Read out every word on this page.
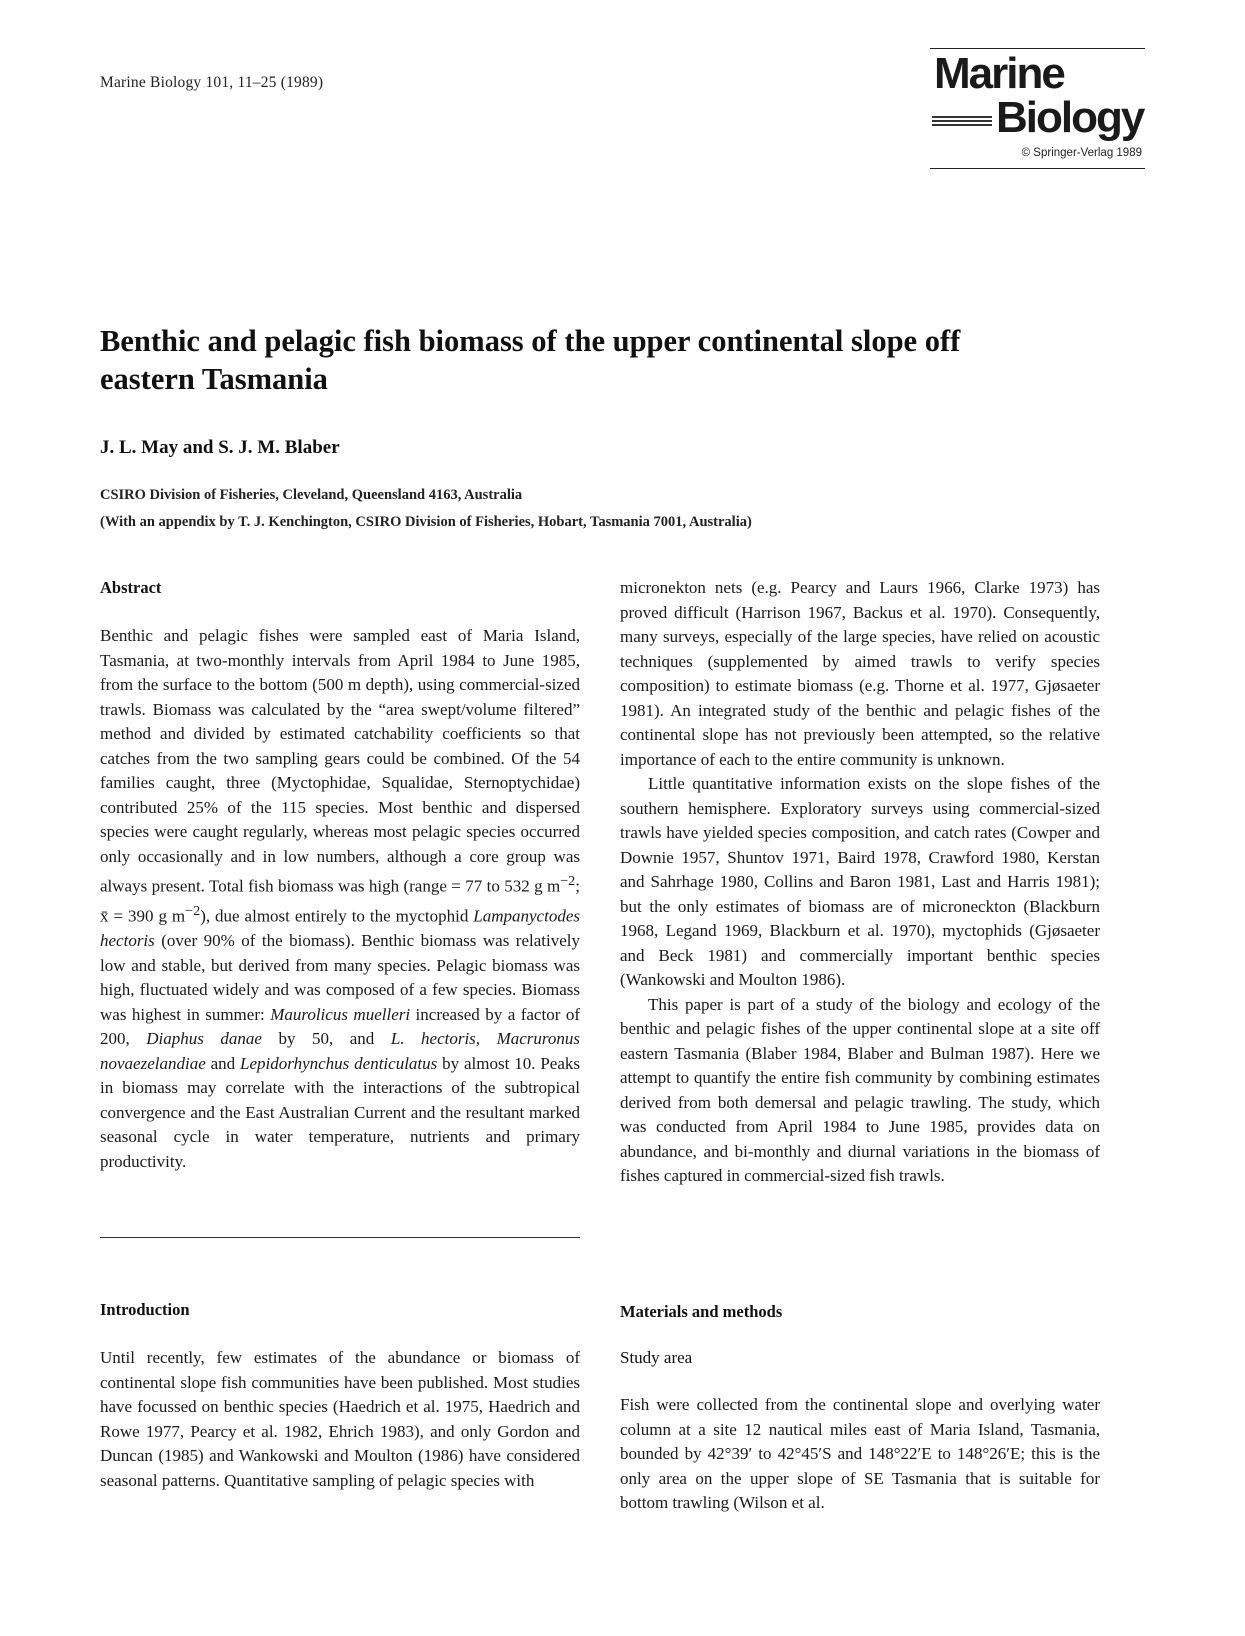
Marine Biology 101, 11–25 (1989)	Marine
Biology
© Springer-Verlag 1989
Benthic and pelagic fish biomass of the upper continental slope off eastern Tasmania
J. L. May and S. J. M. Blaber
CSIRO Division of Fisheries, Cleveland, Queensland 4163, Australia
(With an appendix by T. J. Kenchington, CSIRO Division of Fisheries, Hobart, Tasmania 7001, Australia)
Abstract

Benthic and pelagic fishes were sampled east of Maria Island, Tasmania, at two-monthly intervals from April 1984 to June 1985, from the surface to the bottom (500 m depth), using commercial-sized trawls. Biomass was calculated by the “area swept/volume filtered” method and divided by estimated catchability coefficients so that catches from the two sampling gears could be combined. Of the 54 families caught, three (Myctophidae, Squalidae, Sternoptychidae) contributed 25% of the 115 species. Most benthic and dispersed species were caught regularly, whereas most pelagic species occurred only occasionally and in low numbers, although a core group was always present. Total fish biomass was high (range = 77 to 532 g $m^{-2}$; x̄ = 390 g $m^{-2}$), due almost entirely to the myctophid Lampanyctodes hectoris (over 90% of the biomass). Benthic biomass was relatively low and stable, but derived from many species. Pelagic biomass was high, fluctuated widely and was composed of a few species. Biomass was highest in summer: Maurolicus muelleri increased by a factor of 200, Diaphus danae by 50, and L. hectoris, Macruronus novaezelandiae and Lepidorhynchus denticulatus by almost 10. Peaks in biomass may correlate with the interactions of the subtropical convergence and the East Australian Current and the resultant marked seasonal cycle in water temperature, nutrients and primary productivity.

Introduction

Until recently, few estimates of the abundance or biomass of continental slope fish communities have been published. Most studies have focussed on benthic species (Haedrich et al. 1975, Haedrich and Rowe 1977, Pearcy et al. 1982, Ehrich 1983), and only Gordon and Duncan (1985) and Wankowski and Moulton (1986) have considered seasonal patterns. Quantitative sampling of pelagic species with

micronekton nets (e.g. Pearcy and Laurs 1966, Clarke 1973) has proved difficult (Harrison 1967, Backus et al. 1970). Consequently, many surveys, especially of the large species, have relied on acoustic techniques (supplemented by aimed trawls to verify species composition) to estimate biomass (e.g. Thorne et al. 1977, Gjøsaeter 1981). An integrated study of the benthic and pelagic fishes of the continental slope has not previously been attempted, so the relative importance of each to the entire community is unknown.

Little quantitative information exists on the slope fishes of the southern hemisphere. Exploratory surveys using commercial-sized trawls have yielded species composition, and catch rates (Cowper and Downie 1957, Shuntov 1971, Baird 1978, Crawford 1980, Kerstan and Sahrhage 1980, Collins and Baron 1981, Last and Harris 1981); but the only estimates of biomass are of microneckton (Blackburn 1968, Legand 1969, Blackburn et al. 1970), myctophids (Gjøsaeter and Beck 1981) and commercially important benthic species (Wankowski and Moulton 1986).

This paper is part of a study of the biology and ecology of the benthic and pelagic fishes of the upper continental slope at a site off eastern Tasmania (Blaber 1984, Blaber and Bulman 1987). Here we attempt to quantify the entire fish community by combining estimates derived from both demersal and pelagic trawling. The study, which was conducted from April 1984 to June 1985, provides data on abundance, and bi-monthly and diurnal variations in the biomass of fishes captured in commercial-sized fish trawls.

Materials and methods
Study area

Fish were collected from the continental slope and overlying water column at a site 12 nautical miles east of Maria Island, Tasmania, bounded by 42°39′ to 42°45′S and 148°22′E to 148°26′E; this is the only area on the upper slope of SE Tasmania that is suitable for bottom trawling (Wilson et al.
